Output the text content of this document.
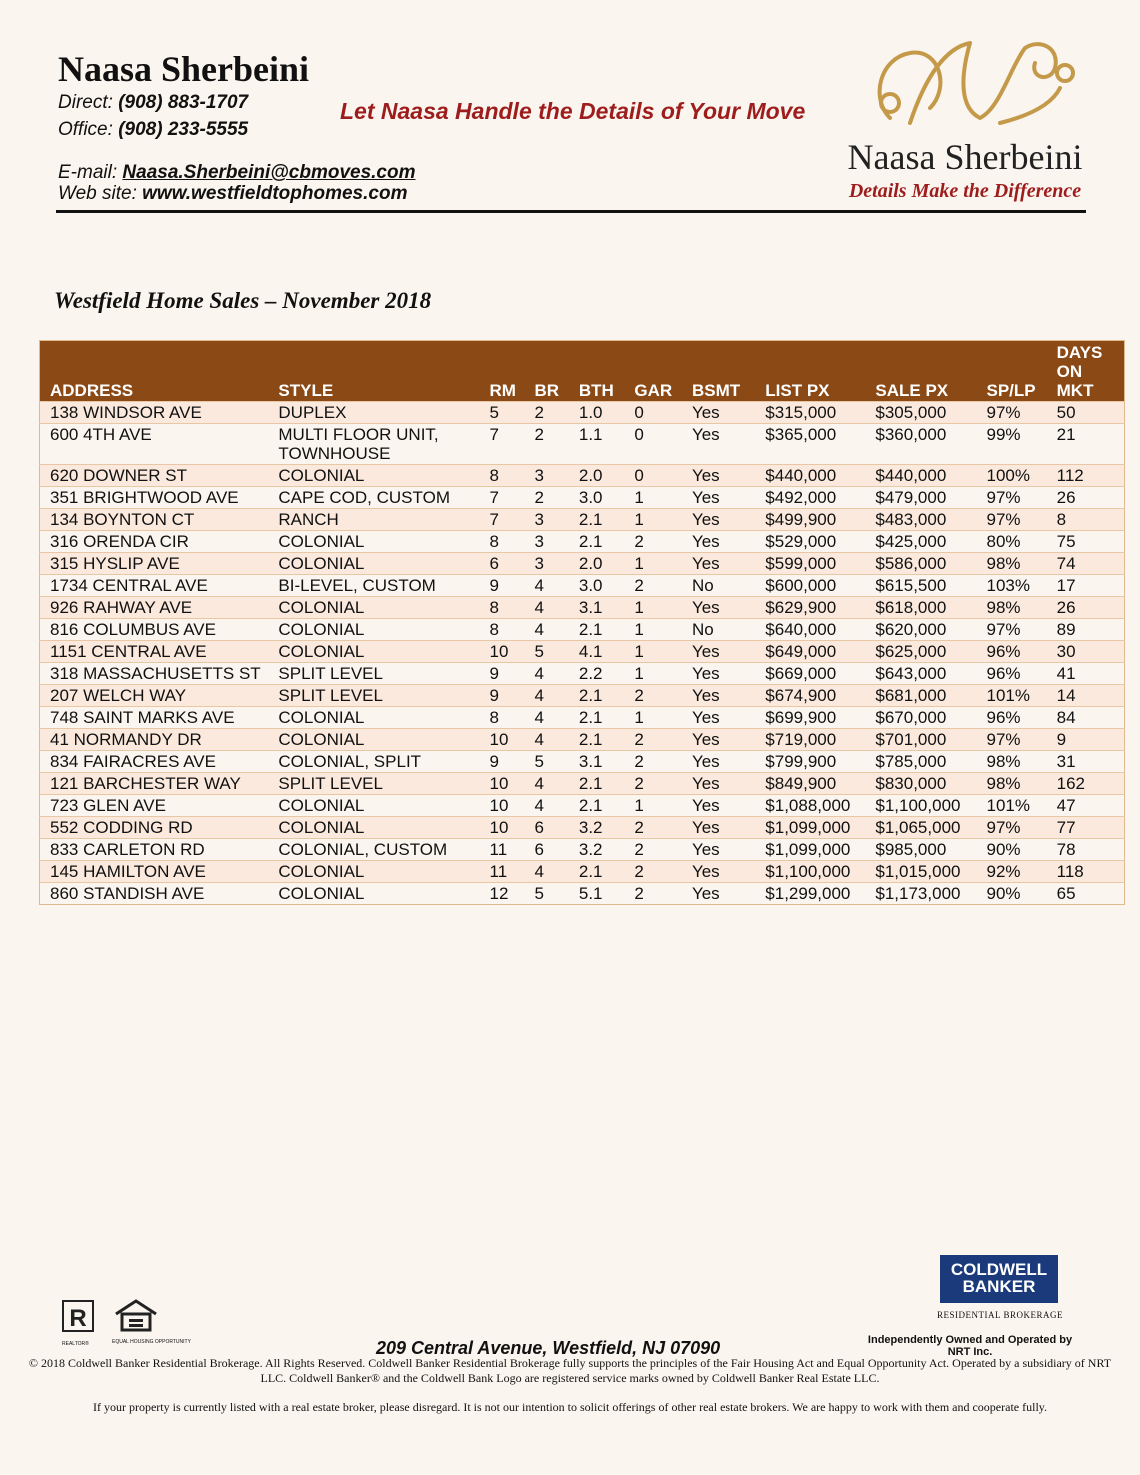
Naasa Sherbeini
Direct: (908) 883-1707
Office: (908) 233-5555
E-mail: Naasa.Sherbeini@cbmoves.com
Web site: www.westfieldtophomes.com
Let Naasa Handle the Details of Your Move
Naasa Sherbeini
Details Make the Difference
Westfield Home Sales – November 2018
ADDRESS	STYLE	RM	BR	BTH	GAR	BSMT	LIST PX	SALE PX	SP/LP	DAYS ON MKT
138 WINDSOR AVE	DUPLEX	5	2	1.0	0	Yes	$315,000	$305,000	97%	50
600 4TH AVE	MULTI FLOOR UNIT, TOWNHOUSE	7	2	1.1	0	Yes	$365,000	$360,000	99%	21
620 DOWNER ST	COLONIAL	8	3	2.0	0	Yes	$440,000	$440,000	100%	112
351 BRIGHTWOOD AVE	CAPE COD, CUSTOM	7	2	3.0	1	Yes	$492,000	$479,000	97%	26
134 BOYNTON CT	RANCH	7	3	2.1	1	Yes	$499,900	$483,000	97%	8
316 ORENDA CIR	COLONIAL	8	3	2.1	2	Yes	$529,000	$425,000	80%	75
315 HYSLIP AVE	COLONIAL	6	3	2.0	1	Yes	$599,000	$586,000	98%	74
1734 CENTRAL AVE	BI-LEVEL, CUSTOM	9	4	3.0	2	No	$600,000	$615,500	103%	17
926 RAHWAY AVE	COLONIAL	8	4	3.1	1	Yes	$629,900	$618,000	98%	26
816 COLUMBUS AVE	COLONIAL	8	4	2.1	1	No	$640,000	$620,000	97%	89
1151 CENTRAL AVE	COLONIAL	10	5	4.1	1	Yes	$649,000	$625,000	96%	30
318 MASSACHUSETTS ST	SPLIT LEVEL	9	4	2.2	1	Yes	$669,000	$643,000	96%	41
207 WELCH WAY	SPLIT LEVEL	9	4	2.1	2	Yes	$674,900	$681,000	101%	14
748 SAINT MARKS AVE	COLONIAL	8	4	2.1	1	Yes	$699,900	$670,000	96%	84
41 NORMANDY DR	COLONIAL	10	4	2.1	2	Yes	$719,000	$701,000	97%	9
834 FAIRACRES AVE	COLONIAL, SPLIT	9	5	3.1	2	Yes	$799,900	$785,000	98%	31
121 BARCHESTER WAY	SPLIT LEVEL	10	4	2.1	2	Yes	$849,900	$830,000	98%	162
723 GLEN AVE	COLONIAL	10	4	2.1	1	Yes	$1,088,000	$1,100,000	101%	47
552 CODDING RD	COLONIAL	10	6	3.2	2	Yes	$1,099,000	$1,065,000	97%	77
833 CARLETON RD	COLONIAL, CUSTOM	11	6	3.2	2	Yes	$1,099,000	$985,000	90%	78
145 HAMILTON AVE	COLONIAL	11	4	2.1	2	Yes	$1,100,000	$1,015,000	92%	118
860 STANDISH AVE	COLONIAL	12	5	5.1	2	Yes	$1,299,000	$1,173,000	90%	65
R
REALTOR®	EQUAL HOUSING OPPORTUNITY
COLDWELL
BANKER
RESIDENTIAL BROKERAGE
209 Central Avenue, Westfield, NJ 07090	Independently Owned and Operated by NRT Inc.
© 2018 Coldwell Banker Residential Brokerage. All Rights Reserved. Coldwell Banker Residential Brokerage fully supports the principles of the Fair Housing Act and Equal Opportunity Act. Operated by a subsidiary of NRT LLC. Coldwell Banker® and the Coldwell Bank Logo are registered service marks owned by Coldwell Banker Real Estate LLC.
If your property is currently listed with a real estate broker, please disregard. It is not our intention to solicit offerings of other real estate brokers. We are happy to work with them and cooperate fully.
